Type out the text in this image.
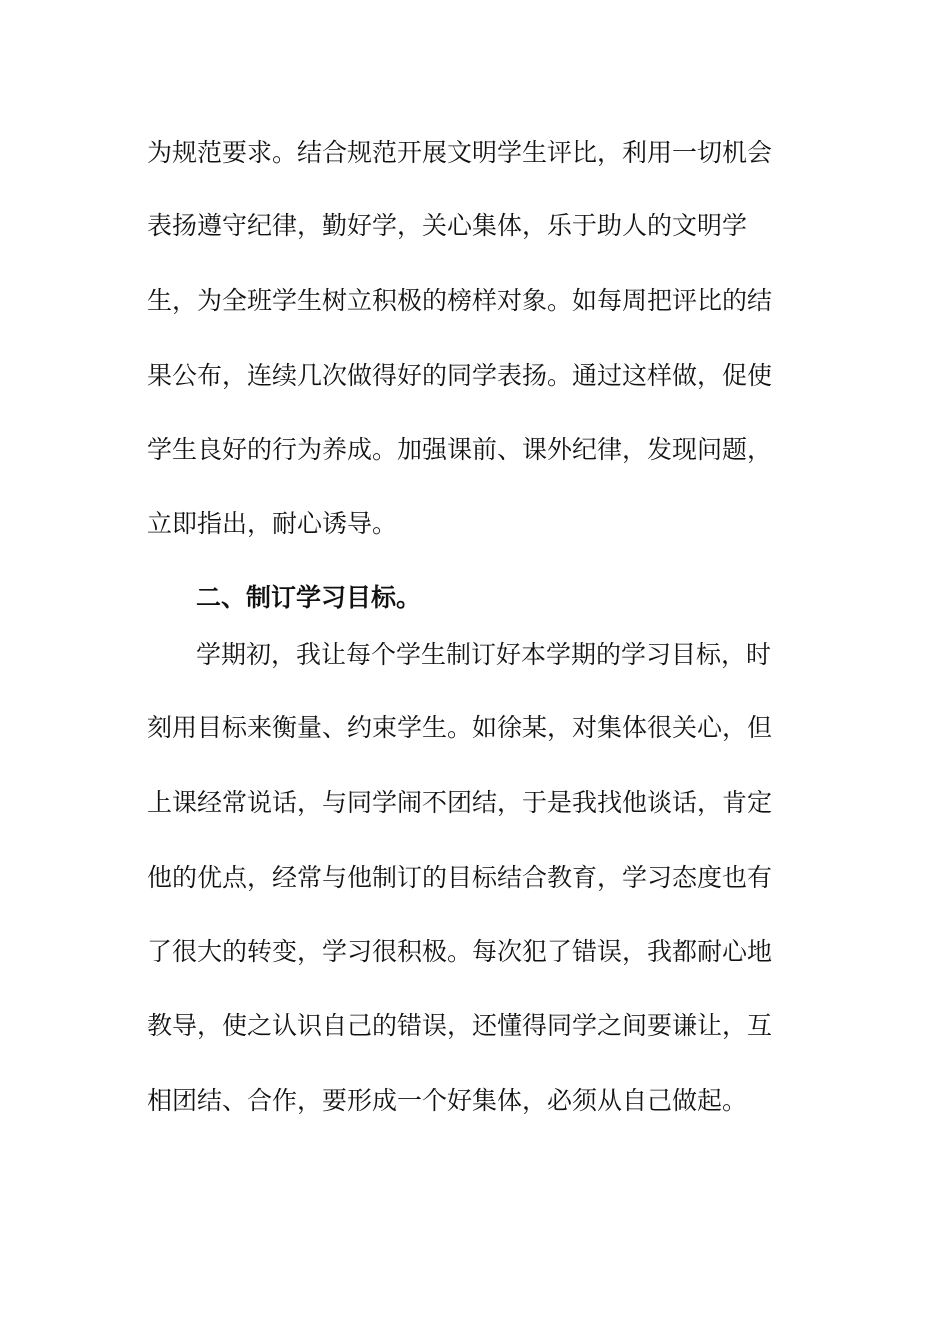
为规范要求。结合规范开展文明学生评比，利用一切机会
表扬遵守纪律，勤好学，关心集体，乐于助人的文明学
生，为全班学生树立积极的榜样对象。如每周把评比的结
果公布，连续几次做得好的同学表扬。通过这样做，促使
学生良好的行为养成。加强课前、课外纪律，发现问题，
立即指出，耐心诱导。
二、制订学习目标。
学期初，我让每个学生制订好本学期的学习目标，时
刻用目标来衡量、约束学生。如徐某，对集体很关心，但
上课经常说话，与同学闹不团结，于是我找他谈话，肯定
他的优点，经常与他制订的目标结合教育，学习态度也有
了很大的转变，学习很积极。每次犯了错误，我都耐心地
教导，使之认识自己的错误，还懂得同学之间要谦让，互
相团结、合作，要形成一个好集体，必须从自己做起。
